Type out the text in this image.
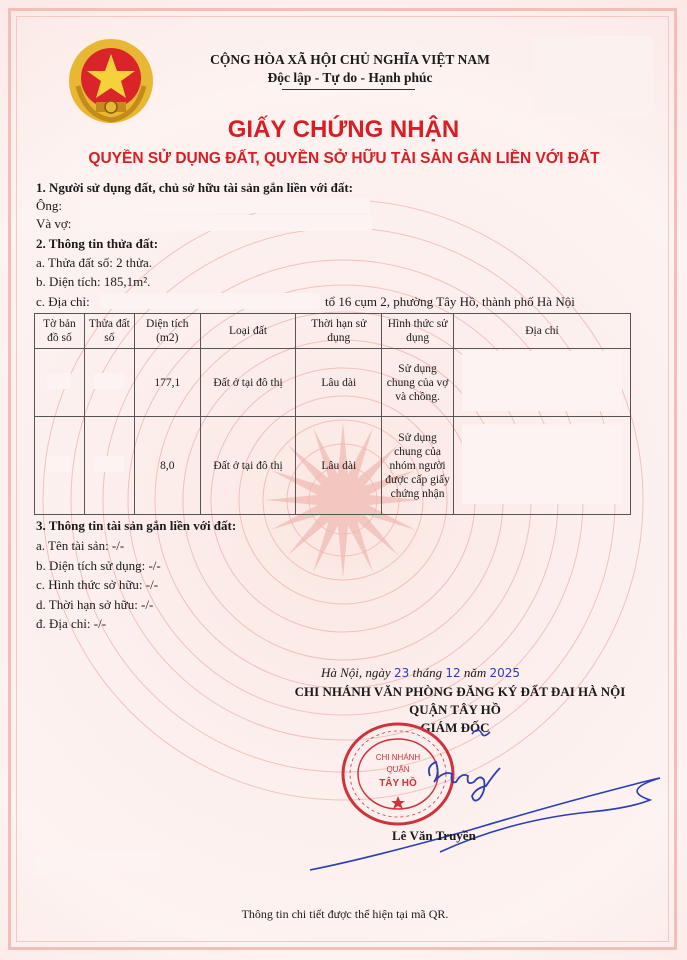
CỘNG HÒA XÃ HỘI CHỦ NGHĨA VIỆT NAM
Độc lập - Tự do - Hạnh phúc
GIẤY CHỨNG NHẬN
QUYỀN SỬ DỤNG ĐẤT, QUYỀN SỞ HỮU TÀI SẢN GẮN LIỀN VỚI ĐẤT
1. Người sử dụng đất, chủ sở hữu tài sản gắn liền với đất:
Ông:
Và vợ:
2. Thông tin thửa đất:
a. Thửa đất số: 2 thửa.
b. Diện tích: 185,1m².
c. Địa chỉ:	tổ 16 cụm 2, phường Tây Hồ, thành phố Hà Nội
Tờ bản đồ số	Thửa đất số	Diện tích (m2)	Loại đất	Thời hạn sử dụng	Hình thức sử dụng	Địa chỉ
		177,1	Đất ở tại đô thị	Lâu dài	Sử dụng chung của vợ và chồng.	
		8,0	Đất ở tại đô thị	Lâu dài	Sử dụng chung của nhóm người được cấp giấy chứng nhận	
3. Thông tin tài sản gắn liền với đất:
a. Tên tài sản: -/-
b. Diện tích sử dụng: -/-
c. Hình thức sở hữu: -/-
d. Thời hạn sở hữu: -/-
đ. Địa chỉ: -/-
Hà Nội, ngày 23 tháng 12 năm 2025
CHI NHÁNH VĂN PHÒNG ĐĂNG KÝ ĐẤT ĐAI HÀ NỘI
QUẬN TÂY HỒ
GIÁM ĐỐC
CHI NHÁNH
QUẬN
TÂY HỒ
Lê Văn Truyền
Thông tin chi tiết được thể hiện tại mã QR.
